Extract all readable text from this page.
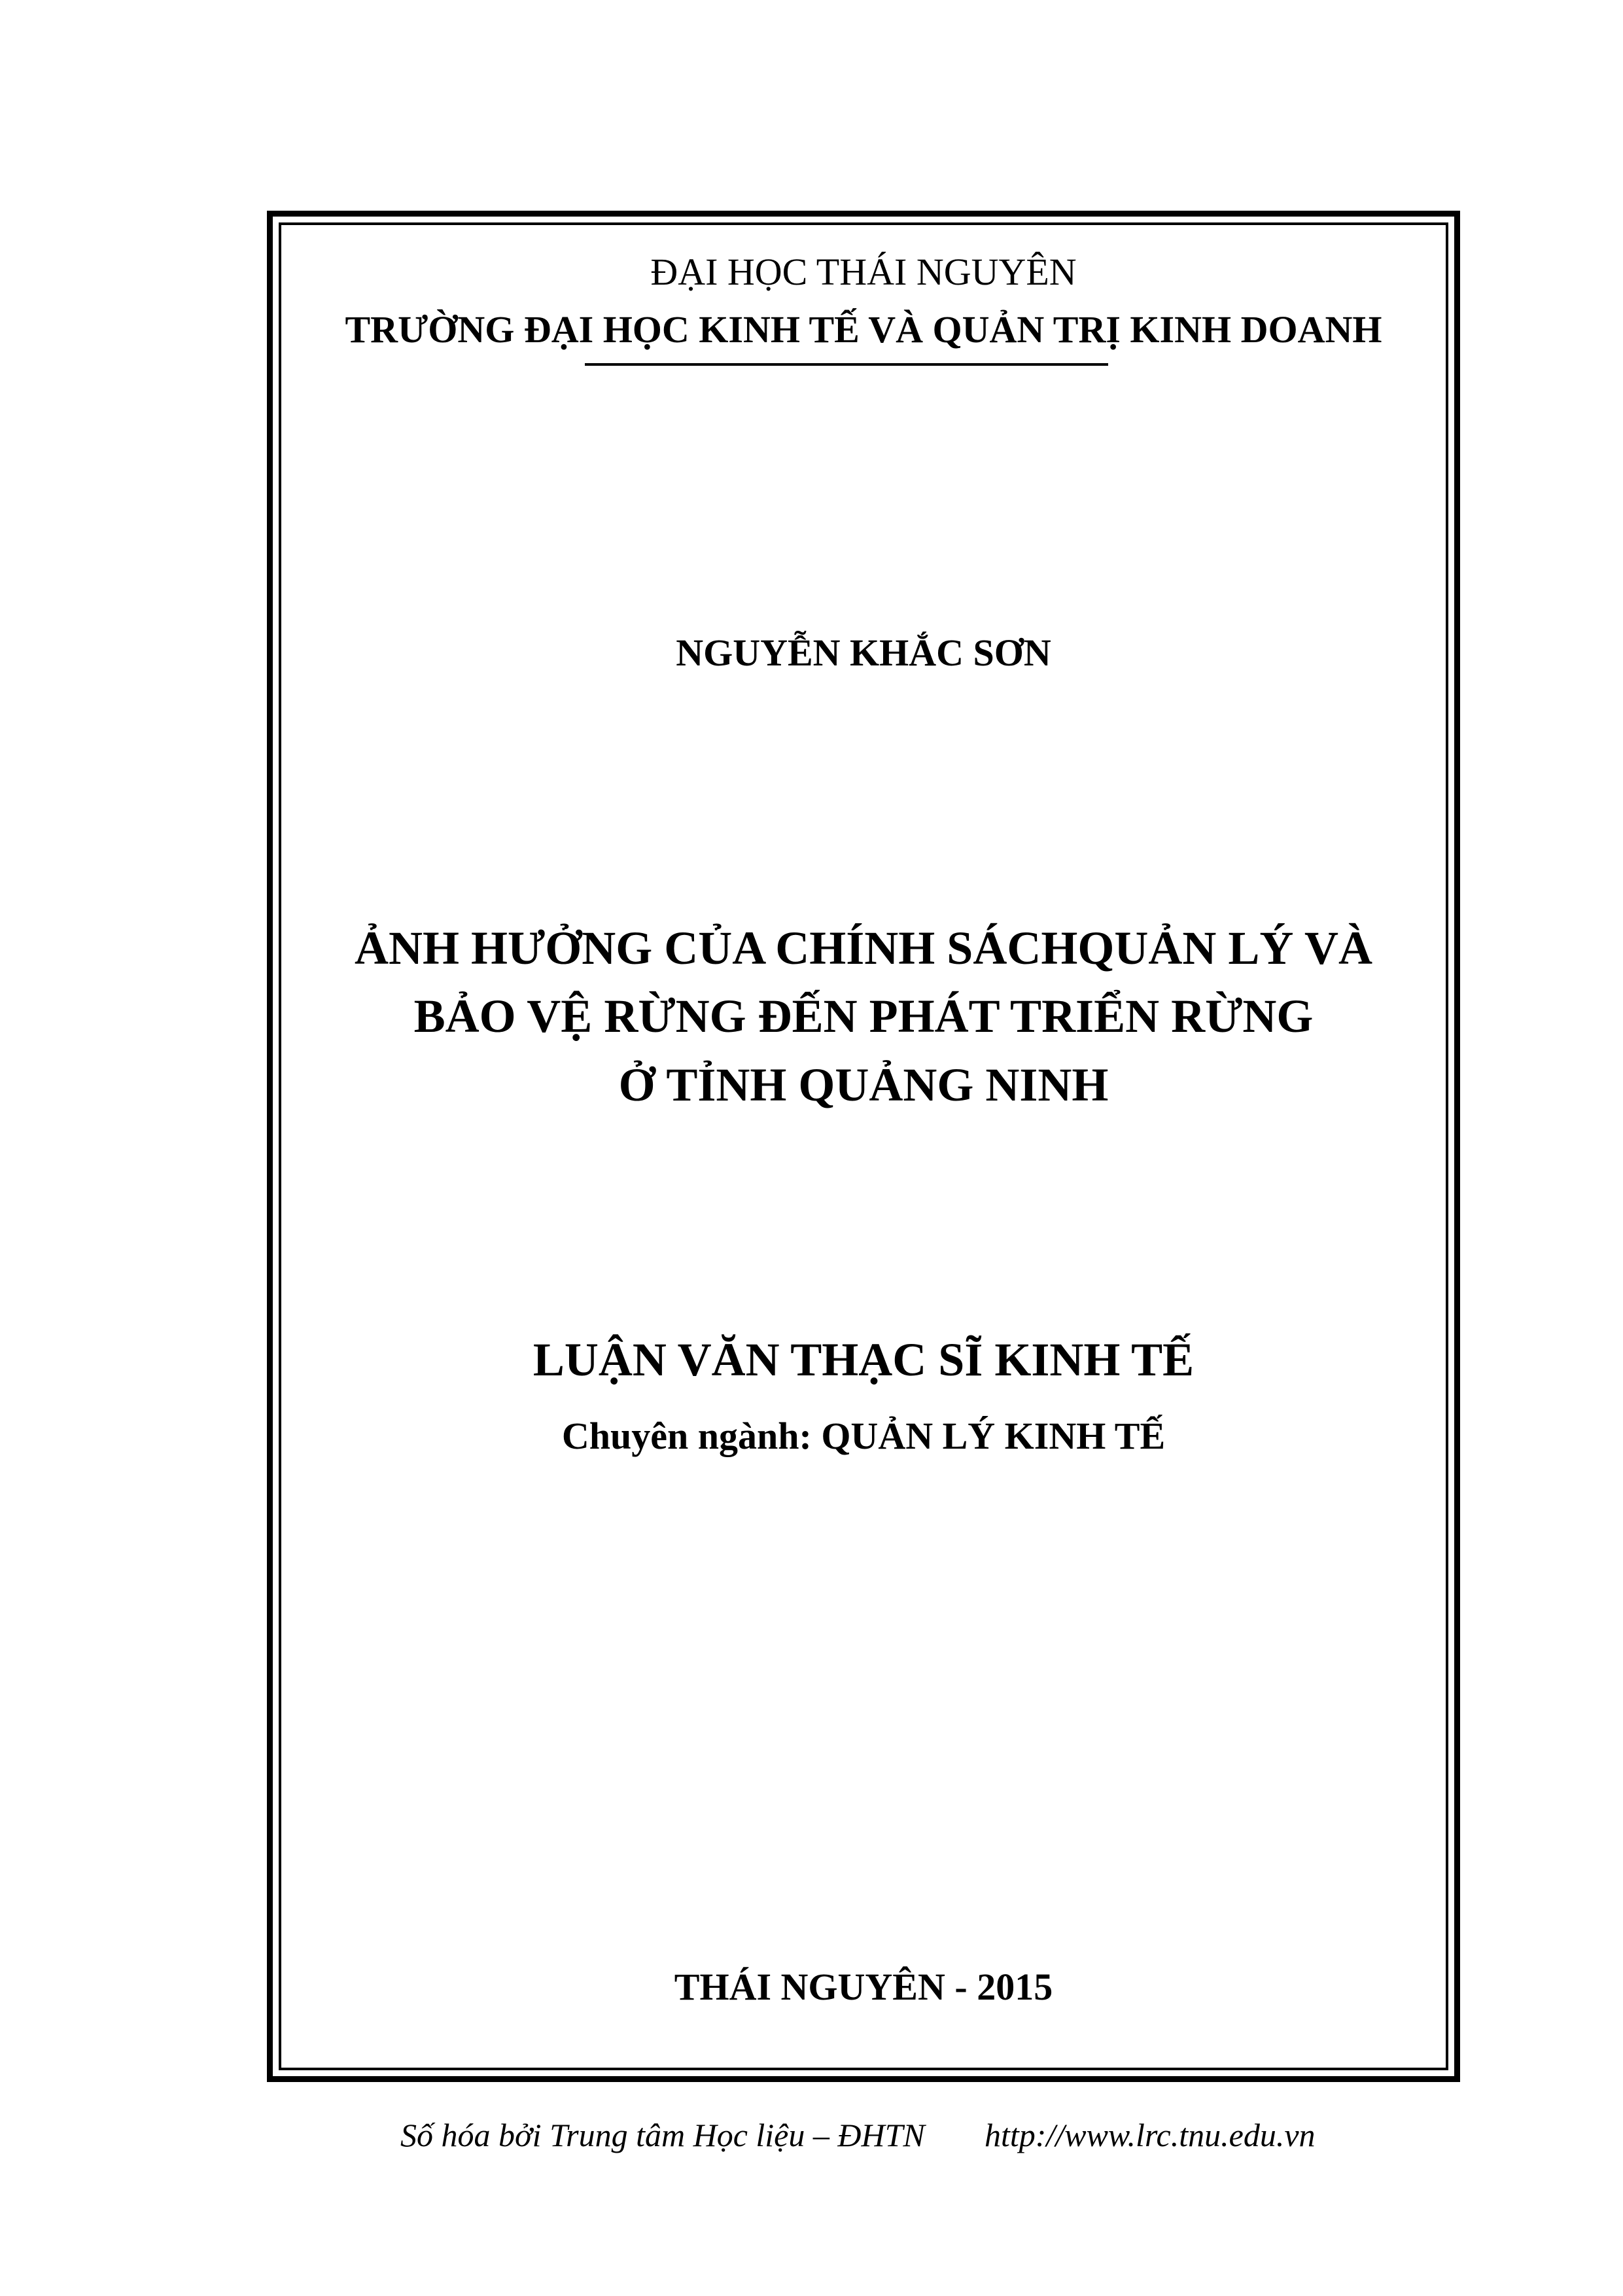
ĐẠI HỌC THÁI NGUYÊN
TRƯỜNG ĐẠI HỌC KINH TẾ VÀ QUẢN TRỊ KINH DOANH
NGUYỄN KHẮC SƠN
ẢNH HƯỞNG CỦA CHÍNH SÁCHQUẢN LÝ VÀ
BẢO VỆ RỪNG ĐẾN PHÁT TRIỂN RỪNG
Ở TỈNH QUẢNG NINH
LUẬN VĂN THẠC SĨ KINH TẾ
Chuyên ngành: QUẢN LÝ KINH TẾ
THÁI NGUYÊN - 2015
Số hóa bởi Trung tâm Học liệu – ĐHTN http://www.lrc.tnu.edu.vn
